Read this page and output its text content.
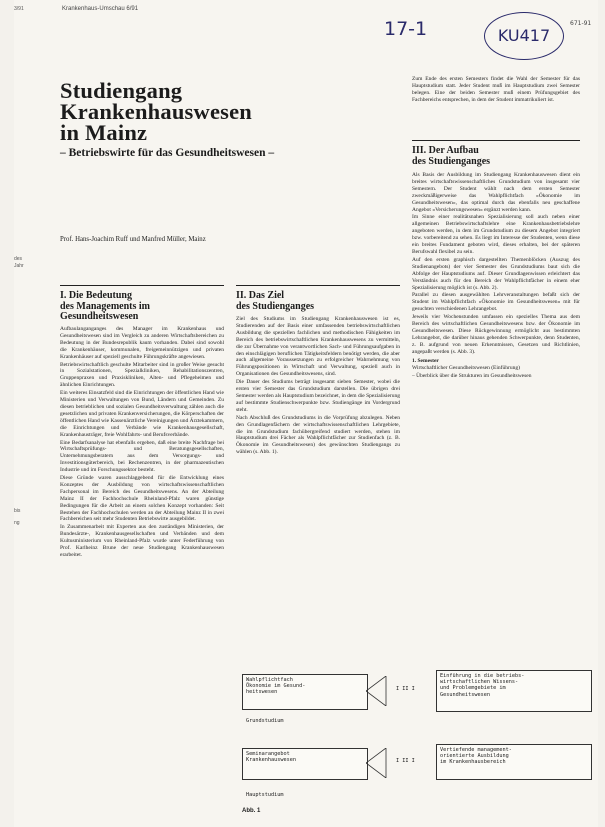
3/91
des
Jahr
bis
ng
Krankenhaus-Umschau 6/91
17-1	KU417
671-91
Studiengang
Krankenhauswesen
in Mainz
– Betriebswirte für das Gesundheitswesen –
Prof. Hans-Joachim Ruff und Manfred Müller, Mainz
I. Die Bedeutung
des Managements im
Gesundheitswesen

Aufbaulanganganges des Manager im Krankenhaus und Gesundheitswesen sind im Vergleich zu anderen Wirtschaftsbereichen zu Bedeutung in der Bundesrepublik kaum vorhanden. Dabei sind sowohl die Krankenhäuser, kommunalen, freigemeinnützigen und privaten Krankenhäuser auf speziell geschulte Führungskräfte angewiesen.

Betriebswirtschaftlich geschulte Mitarbeiter sind in großer Weise gesucht in Sozialstationen, Spezialkliniken, Rehabilitationszentren, Gruppenpraxen und Praxiskliniken, Alten- und Pflegeheimen und ähnlichen Einrichtungen.

Ein weiteres Einsatzfeld sind die Einrichtungen der öffentlichen Hand wie Ministerien und Verwaltungen von Bund, Ländern und Gemeinden. Zu diesen betrieblichen und sozialen Gesundheitsverwaltung zählen auch die gesetzlichen und privaten Krankenversicherungen, die Körperschaften der öffentlichen Hand wie Kassenärztliche Vereinigungen und Ärztekammern, die Einrichtungen und Verbände wie Krankenhausgesellschaft, Krankenhausträger, freie Wohlfahrts- und Berufsverbände.

Eine Bedarfsanalyse hat ebenfalls ergeben, daß eine breite Nachfrage bei Wirtschaftsprüfungs- und Beratungsgesellschaften, Unternehmungsberatern aus dem Versorgungs- und Investitionsgüterbereich, bei Rechenzentren, in der pharmazeutischen Industrie und im Forschungssektor besteht.

Diese Gründe waren ausschlaggebend für die Entwicklung eines Konzeptes der Ausbildung von wirtschaftswissenschaftlichen Fachpersonal im Bereich des Gesundheitswesens. An der Abteilung Mainz II der Fachhochschule Rheinland-Pfalz waren günstige Bedingungen für die Arbeit an einem solchen Konzept vorhanden: Seit Bestehen der Fachhochschulen werden an der Abteilung Mainz II in zwei Fachbereichen seit mehr Studenten Betriebswirte ausgebildet.

In Zusammenarbeit mit Experten aus den zuständigen Ministerien, der Bundesärzte-, Krankenhausgesellschaften und Verbänden und dem Kultusministerium von Rheinland-Pfalz wurde unter Federführung von Prof. Karlheinz Brune der neue Studiengang Krankenhauswesen erarbeitet.

II. Das Ziel
des Studienganges

Ziel des Studiums im Studiengang Krankenhauswesen ist es, Studierenden auf der Basis einer umfassenden betriebswirtschaftlichen Ausbildung die speziellen fachlichen und methodischen Fähigkeiten im Bereich des betriebswirtschaftlichen Krankenhauswesens zu vermitteln, die zur Übernahme von verantwortlichen Sach- und Führungsaufgaben in den einschlägigen beruflichen Tätigkeitsfeldern benötigt werden, die aber auch allgemeine Voraussetzungen zu erfolgreicher Wahrnehmung von Führungspositionen in Wirtschaft und Verwaltung, speziell auch in Organisationen des Gesundheitswesens, sind.

Die Dauer des Studiums beträgt insgesamt sieben Semester, wobei die ersten vier Semester das Grundstudium darstellen. Die übrigen drei Semester werden als Hauptstudium bezeichnet, in dem die Spezialisierung auf bestimmte Studienschwerpunkte bzw. Studiengänge im Vordergrund steht.

Nach Abschluß des Grundstudiums in die Vorprüfung abzulegen. Neben den Grundlagenfächern der wirtschaftswissenschaftlichen Lehrgebiete, die im Grundstudium fachübergreifend studiert werden, stehen im Hauptstudium drei Fächer als Wahlpflichtfächer zur Studienfach (z. B. Ökonomie im Gesundheitswesen) des gewünschten Studiengangs zu wählen (s. Abb. 1).

Zum Ende des ersten Semesters findet die Wahl der Semester für das Hauptstudium statt. Jeder Student muß im Hauptstudium zwei Semester belegen. Eine der beiden Semester muß einem Prüfungsgebiet des Fachbereichs entsprechen, in dem der Student immatrikuliert ist.

III. Der Aufbau
des Studienganges

Als Basis der Ausbildung im Studiengang Krankenhauswesen dient ein breites wirtschaftswissenschaftliches Grundstudium von insgesamt vier Semestern. Der Student wählt nach dem ersten Semester zweckmäßigerweise das Wahlpflichtfach »Ökonomie im Gesundheitswesen«, das optimal durch das ebenfalls neu geschaffene Angebot »Versicherungswesen« ergänzt werden kann.

Im Sinne einer realitätsnahen Spezialisierung soll auch neben einer allgemeinen Betriebswirtschaftslehre eine Krankenhausbetriebslehre angeboten werden, in dem im Grundstudium zu diesem Angebot integriert bzw. vorbereitend zu sehen. Es liegt im Interesse der Studenten, wenn diese ein breites Fundament geboten wird, dieses erhalten, bei der späteren Berufswahl flexibel zu sein.

Auf den ersten graphisch dargestellten Themenblöcken (Auszug des Studienangebots) der vier Semester des Grundstudiums baut sich die Abfolge der Hauptstudiums auf. Dieser Grundlagenwissen erleichtert das Verständnis auch für den Bereich der Wahlpflichtfächer in einem eher Spezialisierung möglich ist (s. Abb. 2).

Parallel zu diesen ausgewählten Lehrveranstaltungen befaßt sich der Student im Wahlpflichtfach »Ökonomie im Gesundheitswesen« mit für gesuchten verschiedenen Lehrangebot.

Jeweils vier Wochenstunden umfassen ein spezielles Thema aus dem Bereich des wirtschaftlichen Gesundheitswesens bzw. der Ökonomie im Gesundheitswesen. Diese Rückgewinnung ermöglicht aus bestimmten Lehrangebot, die darüber hinaus gehenden Schwerpunkte, denn Studenten, z. B. aufgrund von neuen Erkenntnissen, Gesetzen und Richtlinien, angepaßt werden (s. Abb. 3).

1. Semester

Wirtschaftlicher Gesundheitswesen (Einführung)

– Überblick über die Strukturen im Gesundheitswesen

Wahlpflichtfach
Ökonomie im Gesund-
heitswesen
I II I
Einführung in die betriebs-
wirtschaftlichen Wissens-
und Problemgebiete im
Gesundheitswesen
Grundstudium
Seminarangebot
Krankenhauswesen	I II I
Vertiefende management-
orientierte Ausbildung
im Krankenhausbereich
Hauptstudium
Abb. 1
